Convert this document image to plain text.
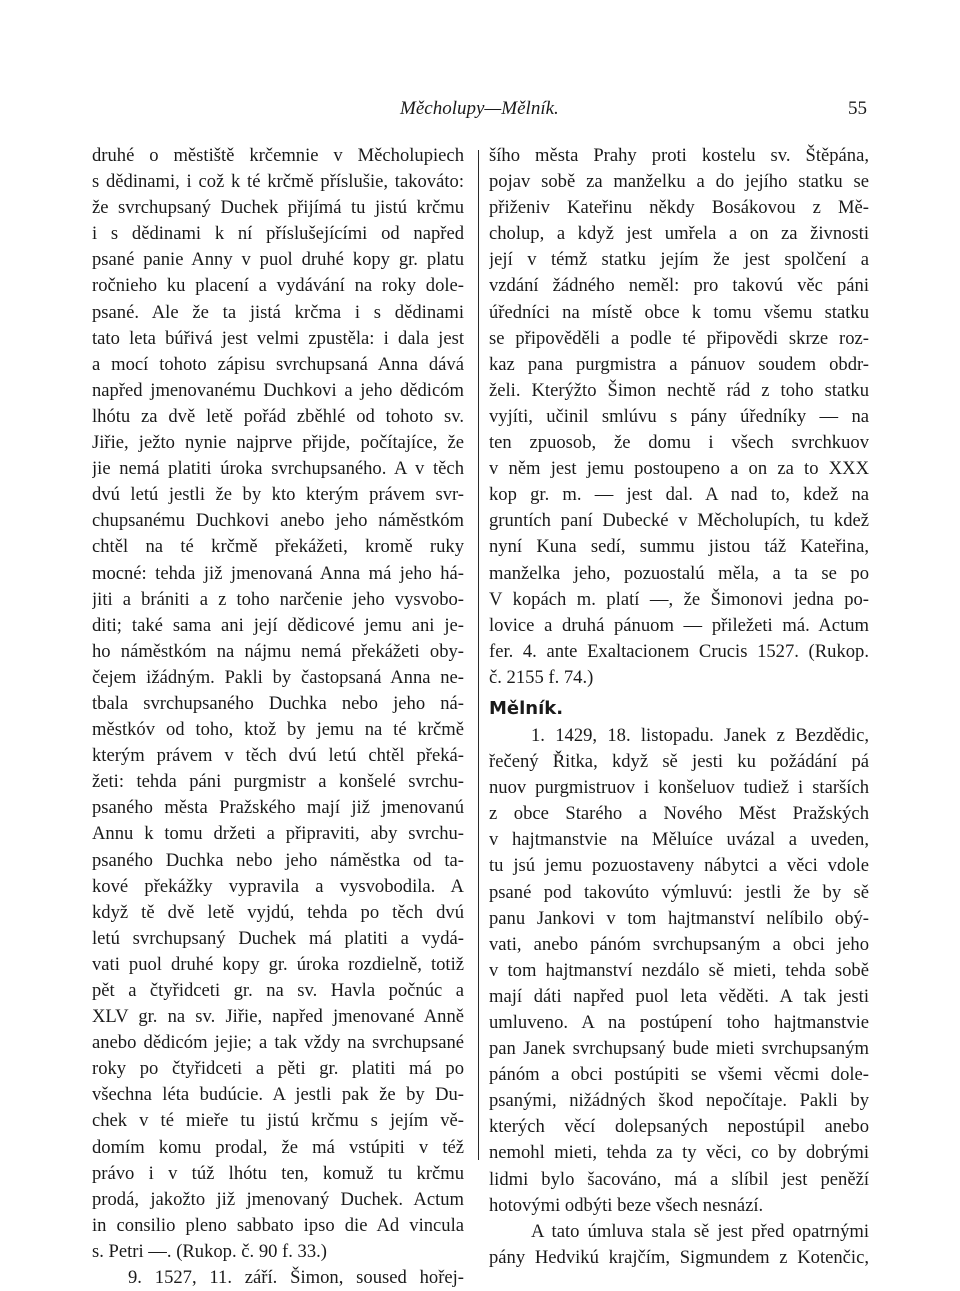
Měcholupy—Mělník.	55
druhé o městiště krčemnie v Měcholupiech
s dědinami, i což k té krčmě příslušie, takováto:
že svrchupsaný Duchek přijímá tu jistú krčmu
i s dědinami k ní příslušejícími od napřed
psané panie Anny v puol druhé kopy gr. platu
ročnieho ku placení a vydávání na roky dole-
psané. Ale že ta jistá krčma i s dědinami
tato leta búřivá jest velmi zpustěla: i dala jest
a mocí tohoto zápisu svrchupsaná Anna dává
napřed jmenovanému Duchkovi a jeho dědicóm
lhótu za dvě letě pořád zběhlé od tohoto sv.
Jiřie, ježto nynie najprve přijde, počítajíce, že
jie nemá platiti úroka svrchupsaného. A v těch
dvú letú jestli že by kto kterým právem svr-
chupsanému Duchkovi anebo jeho náměstkóm
chtěl na té krčmě překážeti, kromě ruky
mocné: tehda již jmenovaná Anna má jeho há-
jiti a brániti a z toho narčenie jeho vysvobo-
diti; také sama ani její dědicové jemu ani je-
ho náměstkóm na nájmu nemá překážeti oby-
čejem ižádným. Pakli by častopsaná Anna ne-
tbala svrchupsaného Duchka nebo jeho ná-
městkóv od toho, ktož by jemu na té krčmě
kterým právem v těch dvú letú chtěl překá-
žeti: tehda páni purgmistr a konšelé svrchu-
psaného města Pražského mají již jmenovanú
Annu k tomu držeti a připraviti, aby svrchu-
psaného Duchka nebo jeho náměstka od ta-
kové překážky vypravila a vysvobodila. A
když tě dvě letě vyjdú, tehda po těch dvú
letú svrchupsaný Duchek má platiti a vydá-
vati puol druhé kopy gr. úroka rozdielně, totiž
pět a čtyřidceti gr. na sv. Havla počnúc a
XLV gr. na sv. Jiřie, napřed jmenované Anně
anebo dědicóm jejie; a tak vždy na svrchupsané
roky po čtyřidceti a pěti gr. platiti má po
všechna léta budúcie. A jestli pak že by Du-
chek v té mieře tu jistú krčmu s jejím vě-
domím komu prodal, že má vstúpiti v též
právo i v túž lhótu ten, komuž tu krčmu
prodá, jakožto již jmenovaný Duchek. Actum
in consilio pleno sabbato ipso die Ad vincula
s. Petri —. (Rukop. č. 90 f. 33.)
9. 1527, 11. září. Šimon, soused hořej-
šího města Prahy proti kostelu sv. Štěpána,
pojav sobě za manželku a do jejího statku se
přiženiv Kateřinu někdy Bosákovou z Mě-
cholup, a když jest umřela a on za živnosti
její v témž statku jejím že jest spolčení a
vzdání žádného neměl: pro takovú věc páni
úředníci na místě obce k tomu všemu statku
se připověděli a podle té připovědi skrze roz-
kaz pana purgmistra a pánuov soudem obdr-
želi. Kterýžto Šimon nechtě rád z toho statku
vyjíti, učinil smlúvu s pány úředníky — na
ten zpuosob, že domu i všech svrchkuov
v něm jest jemu postoupeno a on za to XXX
kop gr. m. — jest dal. A nad to, kdež na
gruntích paní Dubecké v Měcholupích, tu kdež
nyní Kuna sedí, summu jistou táž Kateřina,
manželka jeho, pozuostalú měla, a ta se po
V kopách m. platí —, že Šimonovi jedna po-
lovice a druhá pánuom — přiležeti má. Actum
fer. 4. ante Exaltacionem Crucis 1527. (Rukop.
č. 2155 f. 74.)
Mělník.
1. 1429, 18. listopadu. Janek z Bezdědic,
řečený Řitka, když sě jesti ku požádání pá
nuov purgmistruov i konšeluov tudiež i starších
z obce Starého a Nového Měst Pražských
v hajtmanstvie na Měluíce uvázal a uveden,
tu jsú jemu pozuostaveny nábytci a věci vdole
psané pod takovúto výmluvú: jestli že by sě
panu Jankovi v tom hajtmanství nelíbilo obý-
vati, anebo pánóm svrchupsaným a obci jeho
v tom hajtmanství nezdálo sě mieti, tehda sobě
mají dáti napřed puol leta věděti. A tak jesti
umluveno. A na postúpení toho hajtmanstvie
pan Janek svrchupsaný bude mieti svrchupsaným
pánóm a obci postúpiti se všemi věcmi dole-
psanými, nižádných škod nepočítaje. Pakli by
kterých věcí dolepsaných nepostúpil anebo
nemohl mieti, tehda za ty věci, co by dobrými
lidmi bylo šacováno, má a slíbil jest peněží
hotovými odbýti beze všech nesnází.
A tato úmluva stala sě jest před opatrnými
pány Hedvikú krajčím, Sigmundem z Kotenčic,
